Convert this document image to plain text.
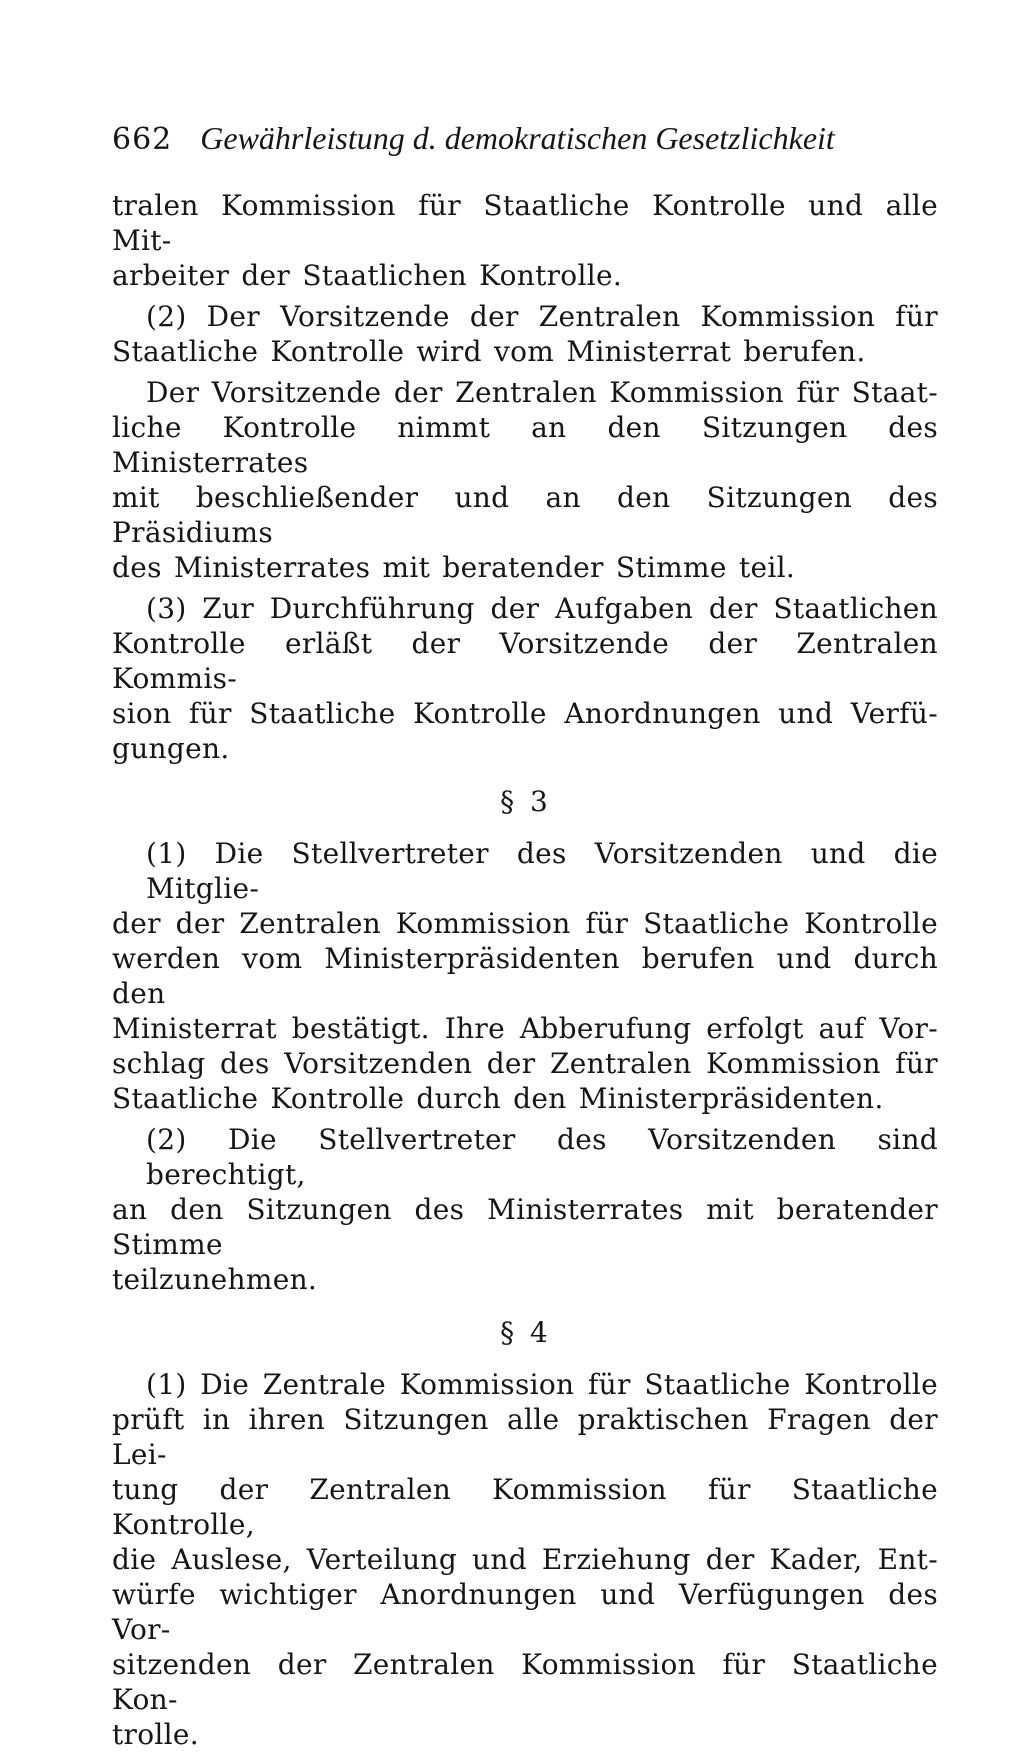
662 Gewährleistung d. demokratischen Gesetzlichkeit
tralen Kommission für Staatliche Kontrolle und alle Mit-
arbeiter der Staatlichen Kontrolle.
(2) Der Vorsitzende der Zentralen Kommission für
Staatliche Kontrolle wird vom Ministerrat berufen.
Der Vorsitzende der Zentralen Kommission für Staat-
liche Kontrolle nimmt an den Sitzungen des Ministerrates
mit beschließender und an den Sitzungen des Präsidiums
des Ministerrates mit beratender Stimme teil.
(3) Zur Durchführung der Aufgaben der Staatlichen
Kontrolle erläßt der Vorsitzende der Zentralen Kommis-
sion für Staatliche Kontrolle Anordnungen und Verfü-
gungen.
§ 3
(1) Die Stellvertreter des Vorsitzenden und die Mitglie-
der der Zentralen Kommission für Staatliche Kontrolle
werden vom Ministerpräsidenten berufen und durch den
Ministerrat bestätigt. Ihre Abberufung erfolgt auf Vor-
schlag des Vorsitzenden der Zentralen Kommission für
Staatliche Kontrolle durch den Ministerpräsidenten.
(2) Die Stellvertreter des Vorsitzenden sind berechtigt,
an den Sitzungen des Ministerrates mit beratender Stimme
teilzunehmen.
§ 4
(1) Die Zentrale Kommission für Staatliche Kontrolle
prüft in ihren Sitzungen alle praktischen Fragen der Lei-
tung der Zentralen Kommission für Staatliche Kontrolle,
die Auslese, Verteilung und Erziehung der Kader, Ent-
würfe wichtiger Anordnungen und Verfügungen des Vor-
sitzenden der Zentralen Kommission für Staatliche Kon-
trolle.
